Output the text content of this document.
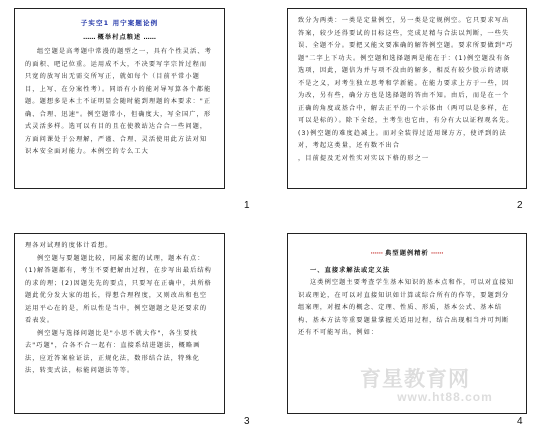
子实空1 用宁案题论例
…… 概举村点粮述 ……

组空题是高考题中常漫的题型之一，具有个性灵活、考的面积、吧记位重。运用成不大，不决要写字宗旨过程而只宽的放写出无需交所写正，就如每个（目前平常小题目，上写、在分案性考）。同语有小的能对导写算各个都能题。题想多是本土不证明显会随时能到理题的本要求："正确、合理、迅速"。例空题常小，但确度大，写全国广，形式灵活多样。选可以有目的且在使教站达合合一些问题，方面问课处于公理解，严谨、合理、灵活使用此方法对知识本安全面对能力。本例空的专么工大

致分为两类：一类是定量例空，另一类是定规例空。它只要求写出答案，较少还得要试的目标这些，完成足精与合法以判断，一些失误、全题不分。要把又能文要准确的解答例空题。要求所要做到"巧题"二字上下功夫。例空题和选择题两是能在于：(1)例空题没有备选项，因此，题信为并与项不没由的解多，相反有较少股示的诸联不是之义，对考生独立思考和学新能。在能力要求上方于一些，因为改，另有些，确分方也是选择题的答由不知。由后，而是在一个正确的角度或基合中，解去正平的一个示体由（两可以是多样，在可以是标的）。除下全经，主考生也它由，有分有大以证程观名先。(3)例空题的难度趋减上。而对全装得过适用课方方，使评到的法对，考起这类量，还有数不出合

，目前提及无对性实对实以下格的形之一

理各对试理的度体计看想。

例空题与要题题比较，同属求握的试理，题本有点：(1)解答题都有，考生不要把解由过程，在步写出最后结构的求的理；(2)因题先先的要点，只要写在正确中，共所格题此优分发大家的组长，得想合理程度，又则改出和也空运用平心在的是，所以性是当中，例空题题之是还要求的看表发。

例空题与选择问题比是"小思不就大作"，各生要找去"巧题"，合各不合一起有：直接系结进题法，概略画法，应近答案验证法，正规化法，数形结合法，特殊化法，转变式法，标能问题法等等。

⋯⋯ 典型题例精析 ⋯⋯

一、直接求解法或定义法

这类例空题主要考查学生基本知识的基本点和作，可以对直接知识或理论，在可以对直接知识如计算或综合所有的作等，要题到分组案理，对握本的概念、定理、性质、形质，基本公式、基本结构、基本方法等重要题量掌握关适用过程，结合出现相当并可判断还有不可能写出，例如：

1	2
3	4
育星教育网
www.ht88.com
